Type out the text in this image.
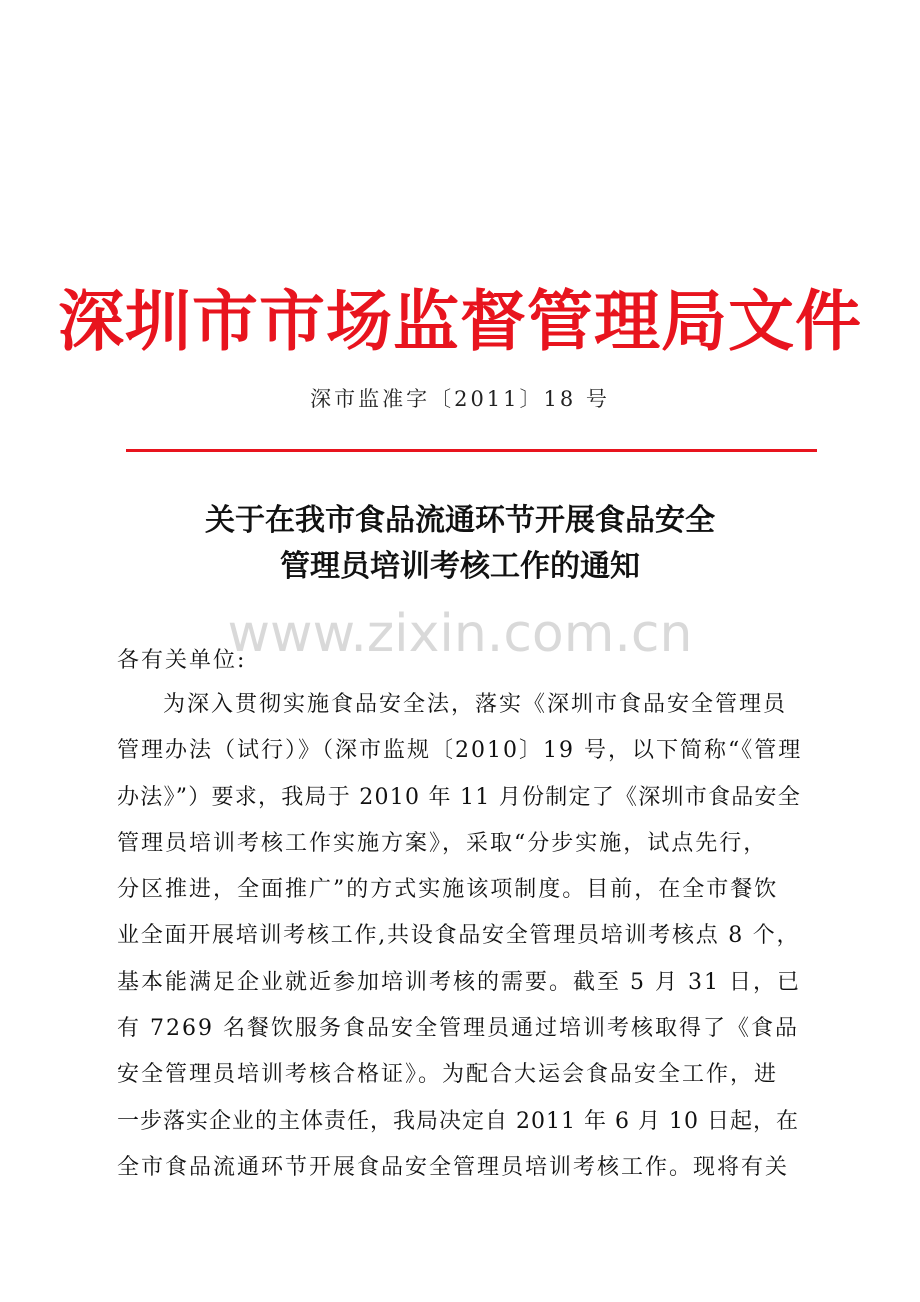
深圳市市场监督管理局文件
深市监准字〔2011〕18 号
关于在我市食品流通环节开展食品安全
管理员培训考核工作的通知
www.zixin.com.cn
各有关单位:
为深入贯彻实施食品安全法，落实《深圳市食品安全管理员
管理办法（试行）》（深市监规〔2010〕19 号，以下简称“《管理
办法》”）要求，我局于 2010 年 11 月份制定了《深圳市食品安全
管理员培训考核工作实施方案》，采取“分步实施，试点先行，
分区推进，全面推广”的方式实施该项制度。目前，在全市餐饮
业全面开展培训考核工作,共设食品安全管理员培训考核点 8 个，
基本能满足企业就近参加培训考核的需要。截至 5 月 31 日，已
有 7269 名餐饮服务食品安全管理员通过培训考核取得了《食品
安全管理员培训考核合格证》。为配合大运会食品安全工作，进
一步落实企业的主体责任，我局决定自 2011 年 6 月 10 日起，在
全市食品流通环节开展食品安全管理员培训考核工作。现将有关
